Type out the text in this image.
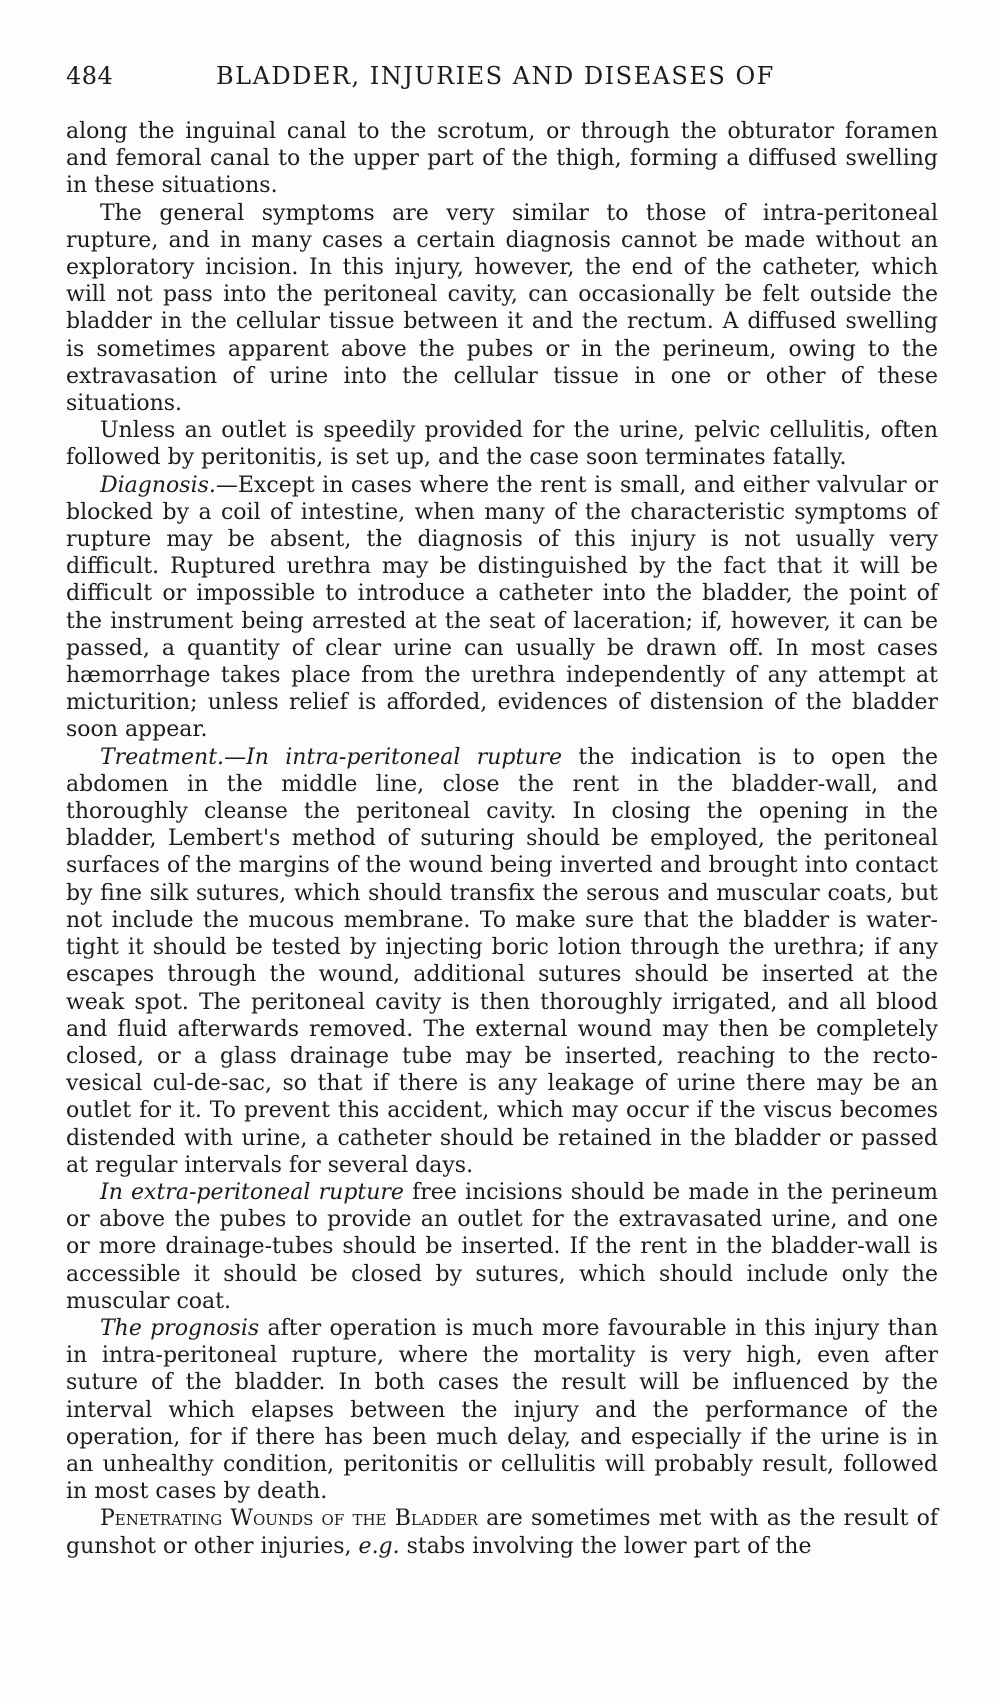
484	BLADDER, INJURIES AND DISEASES OF

along the inguinal canal to the scrotum, or through the obturator foramen and femoral canal to the upper part of the thigh, forming a diffused swelling in these situations.

The general symptoms are very similar to those of intra-peritoneal rupture, and in many cases a certain diagnosis cannot be made without an exploratory incision. In this injury, however, the end of the catheter, which will not pass into the peritoneal cavity, can occasionally be felt outside the bladder in the cellular tissue between it and the rectum. A diffused swelling is sometimes apparent above the pubes or in the perineum, owing to the extravasation of urine into the cellular tissue in one or other of these situations.

Unless an outlet is speedily provided for the urine, pelvic cellulitis, often followed by peritonitis, is set up, and the case soon terminates fatally.

Diagnosis.—Except in cases where the rent is small, and either valvular or blocked by a coil of intestine, when many of the characteristic symptoms of rupture may be absent, the diagnosis of this injury is not usually very difficult. Ruptured urethra may be distinguished by the fact that it will be difficult or impossible to introduce a catheter into the bladder, the point of the instrument being arrested at the seat of laceration; if, however, it can be passed, a quantity of clear urine can usually be drawn off. In most cases hæmorrhage takes place from the urethra independently of any attempt at micturition; unless relief is afforded, evidences of distension of the bladder soon appear.

Treatment.—In intra-peritoneal rupture the indication is to open the abdomen in the middle line, close the rent in the bladder-wall, and thoroughly cleanse the peritoneal cavity. In closing the opening in the bladder, Lembert's method of suturing should be employed, the peritoneal surfaces of the margins of the wound being inverted and brought into contact by fine silk sutures, which should transfix the serous and muscular coats, but not include the mucous membrane. To make sure that the bladder is water-tight it should be tested by injecting boric lotion through the urethra; if any escapes through the wound, additional sutures should be inserted at the weak spot. The peritoneal cavity is then thoroughly irrigated, and all blood and fluid afterwards removed. The external wound may then be completely closed, or a glass drainage tube may be inserted, reaching to the recto-vesical cul-de-sac, so that if there is any leakage of urine there may be an outlet for it. To prevent this accident, which may occur if the viscus becomes distended with urine, a catheter should be retained in the bladder or passed at regular intervals for several days.

In extra-peritoneal rupture free incisions should be made in the perineum or above the pubes to provide an outlet for the extravasated urine, and one or more drainage-tubes should be inserted. If the rent in the bladder-wall is accessible it should be closed by sutures, which should include only the muscular coat.

The prognosis after operation is much more favourable in this injury than in intra-peritoneal rupture, where the mortality is very high, even after suture of the bladder. In both cases the result will be influenced by the interval which elapses between the injury and the performance of the operation, for if there has been much delay, and especially if the urine is in an unhealthy condition, peritonitis or cellulitis will probably result, followed in most cases by death.

Penetrating Wounds of the Bladder are sometimes met with as the result of gunshot or other injuries, e.g. stabs involving the lower part of the
